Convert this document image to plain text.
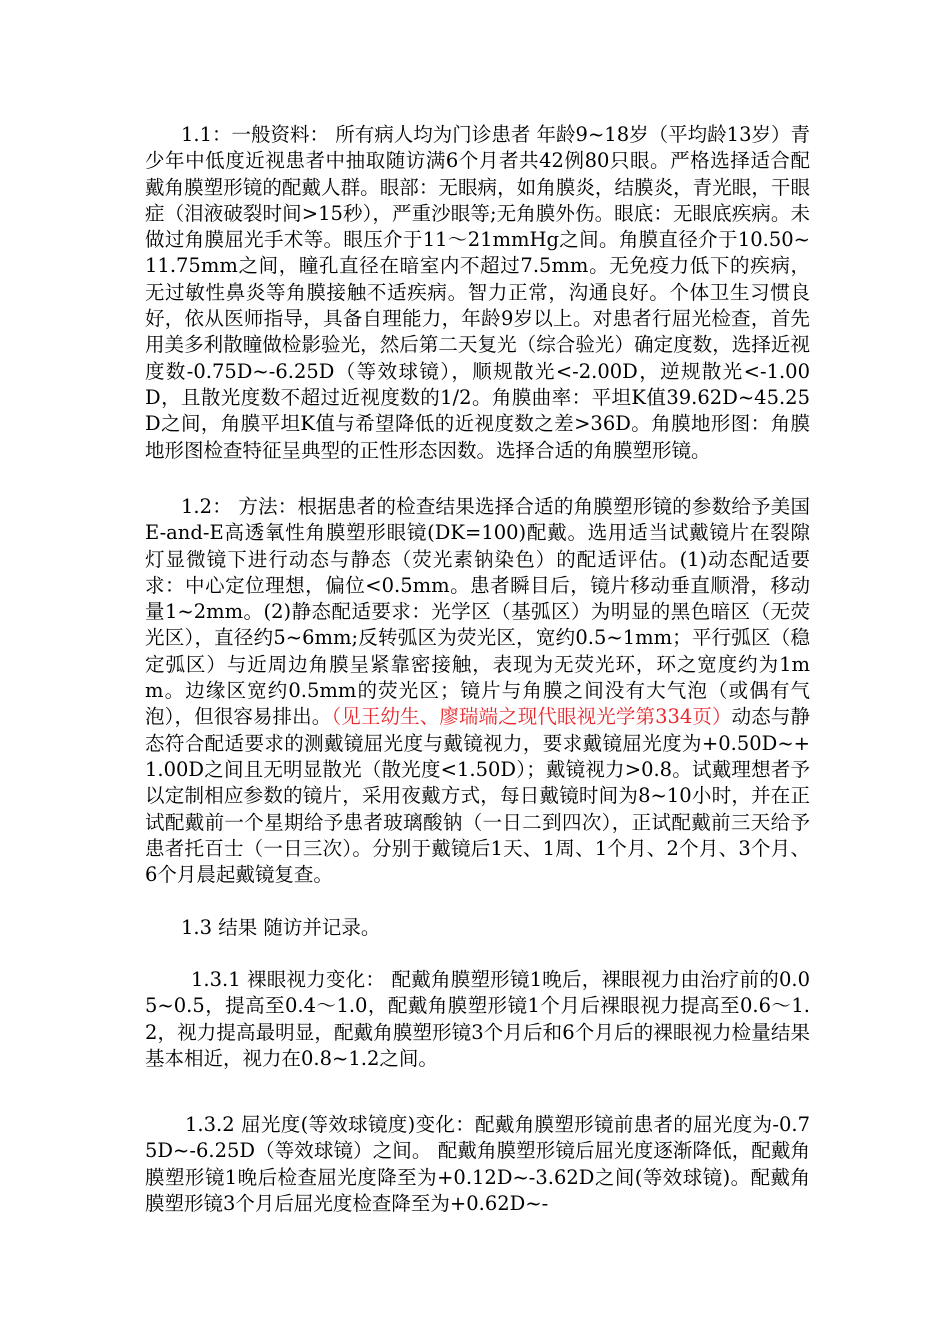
1.1：一般资料： 所有病人均为门诊患者 年龄9~18岁（平均龄13岁）青少年中低度近视患者中抽取随访满6个月者共42例80只眼。严格选择适合配戴角膜塑形镜的配戴人群。眼部：无眼病，如角膜炎，结膜炎，青光眼，干眼症（泪液破裂时间>15秒），严重沙眼等;无角膜外伤。眼底：无眼底疾病。未做过角膜屈光手术等。眼压介于11～21mmHg之间。角膜直径介于10.50~11.75mm之间，瞳孔直径在暗室内不超过7.5mm。无免疫力低下的疾病，无过敏性鼻炎等角膜接触不适疾病。智力正常，沟通良好。个体卫生习惯良好，依从医师指导，具备自理能力，年龄9岁以上。对患者行屈光检查，首先用美多利散瞳做检影验光，然后第二天复光（综合验光）确定度数，选择近视度数-0.75D~-6.25D（等效球镜），顺规散光<-2.00D，逆规散光<-1.00D，且散光度数不超过近视度数的1/2。角膜曲率：平坦K值39.62D~45.25D之间，角膜平坦K值与希望降低的近视度数之差>36D。角膜地形图：角膜地形图检查特征呈典型的正性形态因数。选择合适的角膜塑形镜。

1.2： 方法：根据患者的检查结果选择合适的角膜塑形镜的参数给予美国E-and-E高透氧性角膜塑形眼镜(DK=100)配戴。选用适当试戴镜片在裂隙灯显微镜下进行动态与静态（荧光素钠染色）的配适评估。(1)动态配适要求：中心定位理想，偏位<0.5mm。患者瞬目后，镜片移动垂直顺滑，移动量1~2mm。(2)静态配适要求：光学区（基弧区）为明显的黑色暗区（无荧光区），直径约5~6mm;反转弧区为荧光区，宽约0.5~1mm；平行弧区（稳定弧区）与近周边角膜呈紧靠密接触，表现为无荧光环，环之宽度约为1mm。边缘区宽约0.5mm的荧光区；镜片与角膜之间没有大气泡（或偶有气泡），但很容易排出。（见王幼生、廖瑞端之现代眼视光学第334页）动态与静态符合配适要求的测戴镜屈光度与戴镜视力，要求戴镜屈光度为+0.50D~+1.00D之间且无明显散光（散光度<1.50D）；戴镜视力>0.8。试戴理想者予以定制相应参数的镜片，采用夜戴方式，每日戴镜时间为8~10小时，并在正试配戴前一个星期给予患者玻璃酸钠（一日二到四次），正试配戴前三天给予患者托百士（一日三次）。分别于戴镜后1天、1周、1个月、2个月、3个月、6个月晨起戴镜复查。

1.3 结果 随访并记录。

1.3.1 裸眼视力变化： 配戴角膜塑形镜1晚后，裸眼视力由治疗前的0.05~0.5，提高至0.4～1.0，配戴角膜塑形镜1个月后裸眼视力提高至0.6～1.2，视力提高最明显，配戴角膜塑形镜3个月后和6个月后的裸眼视力检量结果基本相近，视力在0.8~1.2之间。

1.3.2 屈光度(等效球镜度)变化：配戴角膜塑形镜前患者的屈光度为-0.75D~-6.25D（等效球镜）之间。 配戴角膜塑形镜后屈光度逐渐降低，配戴角膜塑形镜1晚后检查屈光度降至为+0.12D~-3.62D之间(等效球镜)。配戴角膜塑形镜3个月后屈光度检查降至为+0.62D~-
